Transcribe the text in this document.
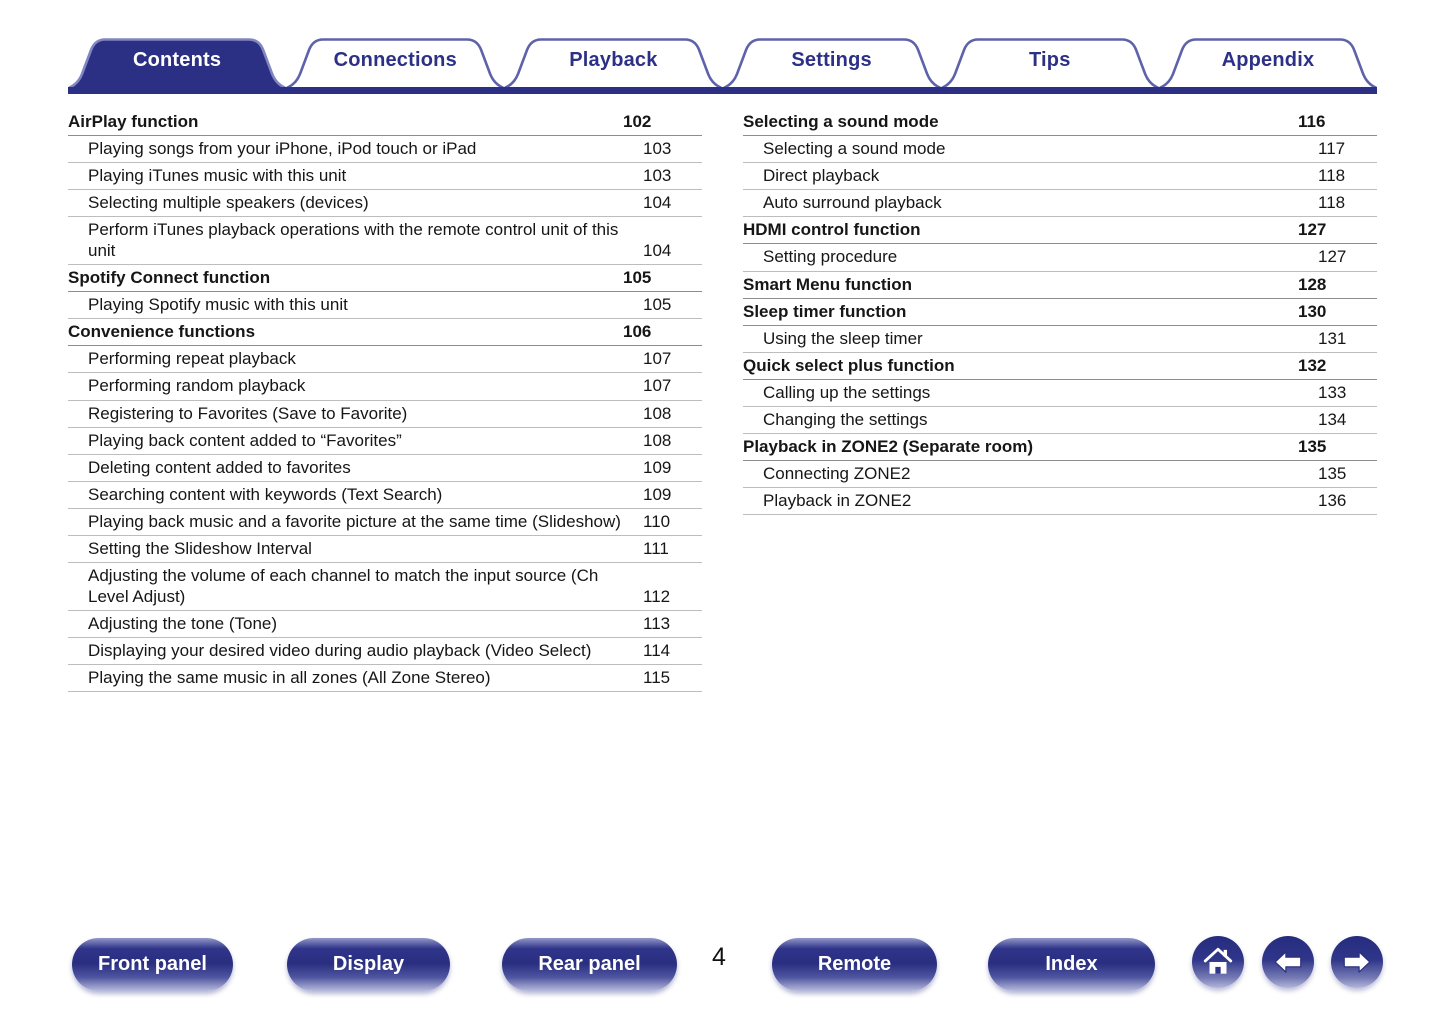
Contents	Connections	Playback	Settings	Tips	Appendix
AirPlay function	102
Playing songs from your iPhone, iPod touch or iPad	103
Playing iTunes music with this unit	103
Selecting multiple speakers (devices)	104
Perform iTunes playback operations with the remote control unit of this unit	104
Spotify Connect function	105
Playing Spotify music with this unit	105
Convenience functions	106
Performing repeat playback	107
Performing random playback	107
Registering to Favorites (Save to Favorite)	108
Playing back content added to “Favorites”	108
Deleting content added to favorites	109
Searching content with keywords (Text Search)	109
Playing back music and a favorite picture at the same time (Slideshow)	110
Setting the Slideshow Interval	111
Adjusting the volume of each channel to match the input source (Ch Level Adjust)	112
Adjusting the tone (Tone)	113
Displaying your desired video during audio playback (Video Select)	114
Playing the same music in all zones (All Zone Stereo)	115
Selecting a sound mode	116
Selecting a sound mode	117
Direct playback	118
Auto surround playback	118
HDMI control function	127
Setting procedure	127
Smart Menu function	128
Sleep timer function	130
Using the sleep timer	131
Quick select plus function	132
Calling up the settings	133
Changing the settings	134
Playback in ZONE2 (Separate room)	135
Connecting ZONE2	135
Playback in ZONE2	136
4
Front panel	Display	Rear panel	Remote	Index
